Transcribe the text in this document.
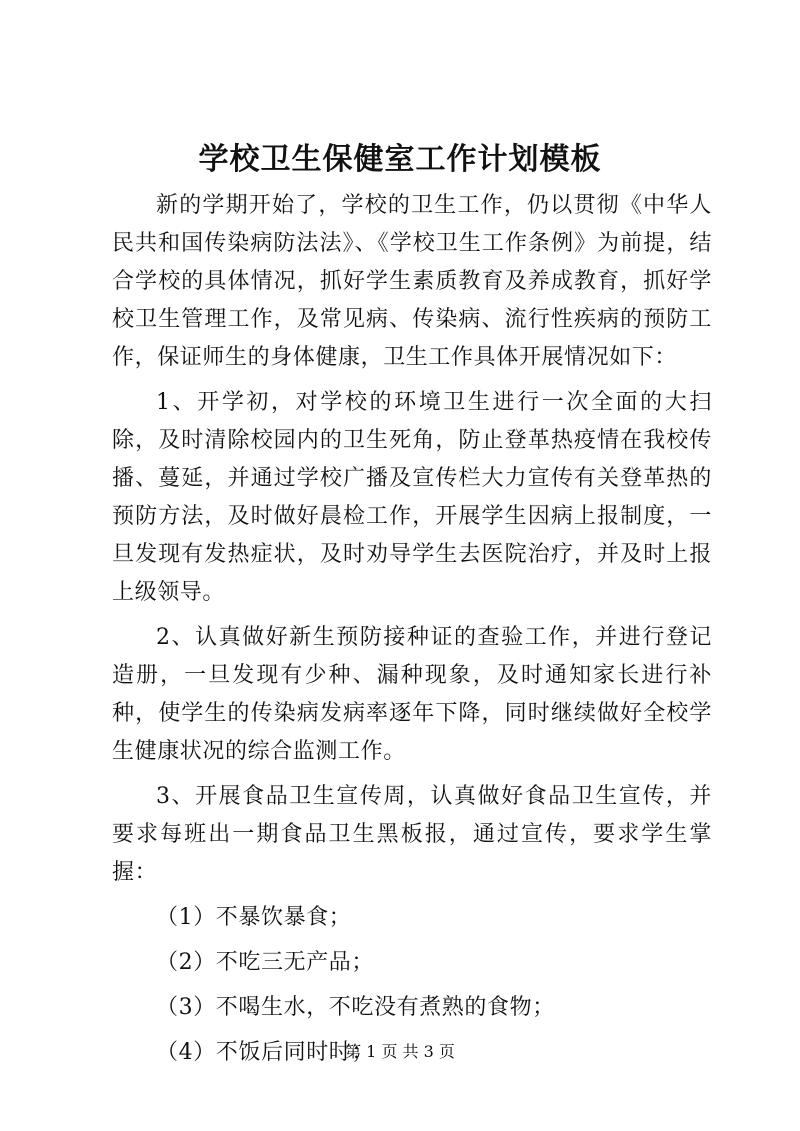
学校卫生保健室工作计划模板

新的学期开始了，学校的卫生工作，仍以贯彻《中华人民共和国传染病防法法》、《学校卫生工作条例》为前提，结合学校的具体情况，抓好学生素质教育及养成教育，抓好学校卫生管理工作，及常见病、传染病、流行性疾病的预防工作，保证师生的身体健康，卫生工作具体开展情况如下：

1、开学初，对学校的环境卫生进行一次全面的大扫除，及时清除校园内的卫生死角，防止登革热疫情在我校传播、蔓延，并通过学校广播及宣传栏大力宣传有关登革热的预防方法，及时做好晨检工作，开展学生因病上报制度，一旦发现有发热症状，及时劝导学生去医院治疗，并及时上报上级领导。

2、认真做好新生预防接种证的查验工作，并进行登记造册，一旦发现有少种、漏种现象，及时通知家长进行补种，使学生的传染病发病率逐年下降，同时继续做好全校学生健康状况的综合监测工作。

3、开展食品卫生宣传周，认真做好食品卫生宣传，并要求每班出一期食品卫生黑板报，通过宣传，要求学生掌握：

（1）不暴饮暴食；

（2）不吃三无产品；

（3）不喝生水，不吃没有煮熟的食物；

（4）不饭后同时时；

第 1 页 共 3 页
